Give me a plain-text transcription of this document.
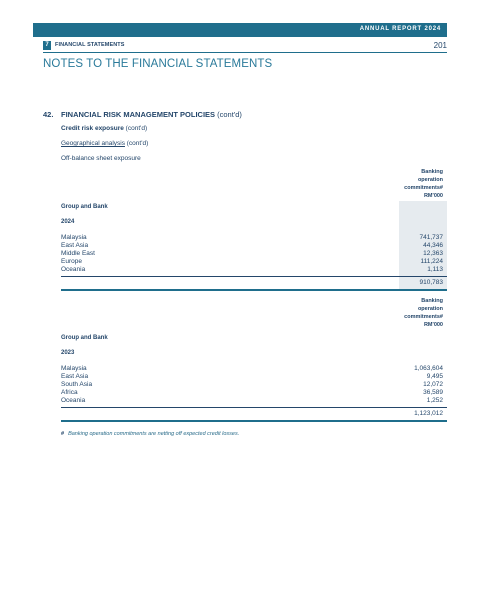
ANNUAL REPORT 2024
7	FINANCIAL STATEMENTS	201
NOTES TO THE FINANCIAL STATEMENTS
42. FINANCIAL RISK MANAGEMENT POLICIES (cont'd)
Credit risk exposure (cont'd)
Geographical analysis (cont'd)
Off-balance sheet exposure
Banking
operation
commitments#
RM'000
Group and Bank
2024
Malaysia	741,737
East Asia	44,346
Middle East	12,363
Europe	111,224
Oceania	1,113
910,783
Banking
operation
commitments#
RM'000
Group and Bank
2023
Malaysia	1,063,604
East Asia	9,495
South Asia	12,072
Africa	36,589
Oceania	1,252
1,123,012
# Banking operation commitments are netting off expected credit losses.
